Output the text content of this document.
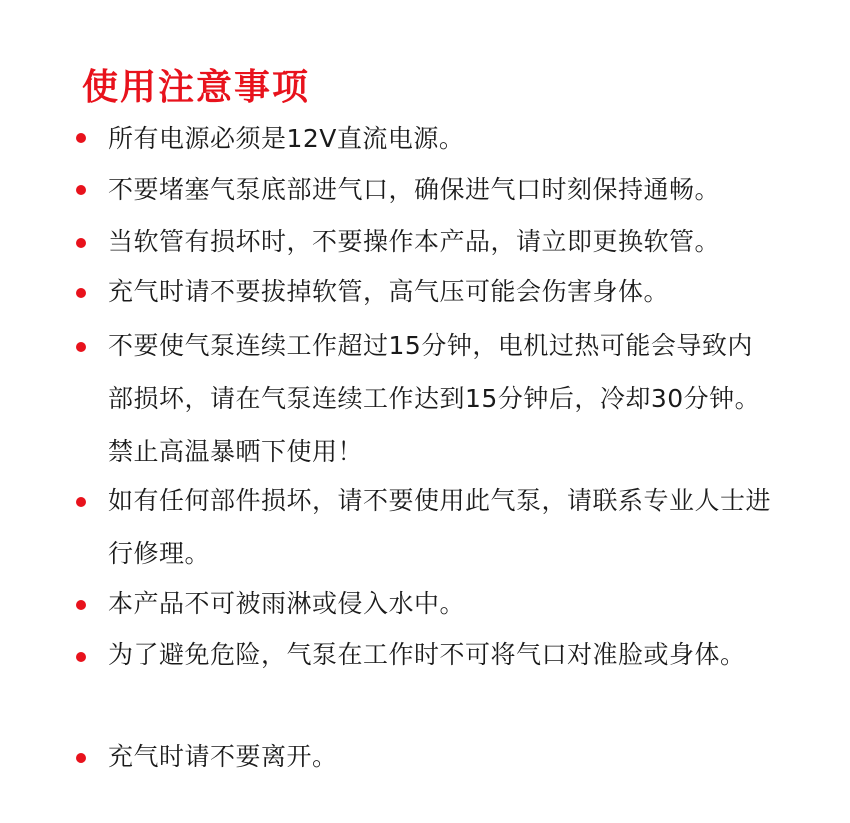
使用注意事项
所有电源必须是12V直流电源。
不要堵塞气泵底部进气口，确保进气口时刻保持通畅。
当软管有损坏时，不要操作本产品，请立即更换软管。
充气时请不要拔掉软管，高气压可能会伤害身体。
不要使气泵连续工作超过15分钟，电机过热可能会导致内部损坏，请在气泵连续工作达到15分钟后，冷却30分钟。禁止高温暴晒下使用！
如有任何部件损坏，请不要使用此气泵，请联系专业人士进行修理。
本产品不可被雨淋或侵入水中。
为了避免危险，气泵在工作时不可将气口对准脸或身体。
充气时请不要离开。
